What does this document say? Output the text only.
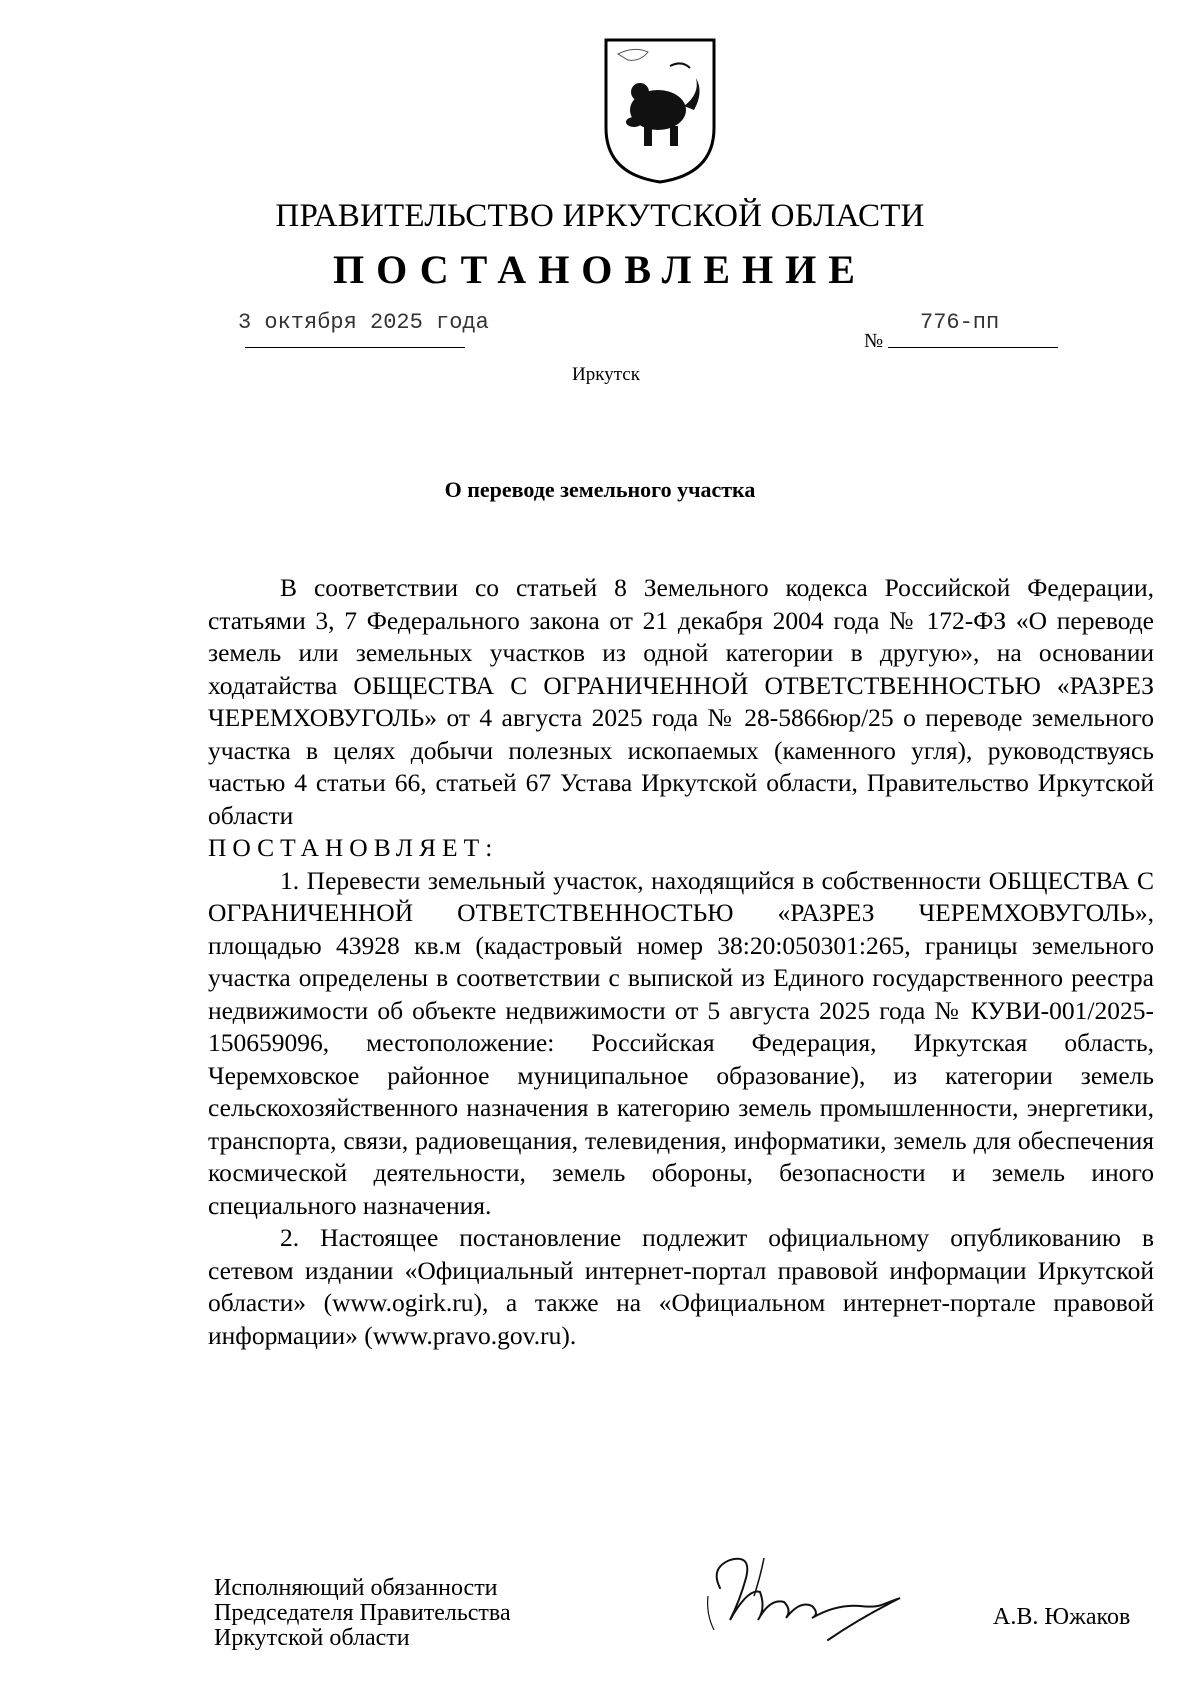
ПРАВИТЕЛЬСТВО ИРКУТСКОЙ ОБЛАСТИ
ПОСТАНОВЛЕНИЕ
3 октября 2025 года
№
776-пп
Иркутск
О переводе земельного участка

В соответствии со статьей 8 Земельного кодекса Российской Федерации, статьями 3, 7 Федерального закона от 21 декабря 2004 года № 172-ФЗ «О переводе земель или земельных участков из одной категории в другую», на основании ходатайства ОБЩЕСТВА С ОГРАНИЧЕННОЙ ОТВЕТСТВЕННОСТЬЮ «РАЗРЕЗ ЧЕРЕМХОВУГОЛЬ» от 4 августа 2025 года № 28-5866юр/25 о переводе земельного участка в целях добычи полезных ископаемых (каменного угля), руководствуясь частью 4 статьи 66, статьей 67 Устава Иркутской области, Правительство Иркутской области

ПОСТАНОВЛЯЕТ:

1. Перевести земельный участок, находящийся в собственности ОБЩЕСТВА С ОГРАНИЧЕННОЙ ОТВЕТСТВЕННОСТЬЮ «РАЗРЕЗ ЧЕРЕМХОВУГОЛЬ», площадью 43928 кв.м (кадастровый номер 38:20:050301:265, границы земельного участка определены в соответствии с выпиской из Единого государственного реестра недвижимости об объекте недвижимости от 5 августа 2025 года № КУВИ-001/2025-150659096, местоположение: Российская Федерация, Иркутская область, Черемховское районное муниципальное образование), из категории земель сельскохозяйственного назначения в категорию земель промышленности, энергетики, транспорта, связи, радиовещания, телевидения, информатики, земель для обеспечения космической деятельности, земель обороны, безопасности и земель иного специального назначения.

2. Настоящее постановление подлежит официальному опубликованию в сетевом издании «Официальный интернет-портал правовой информации Иркутской области» (www.ogirk.ru), а также на «Официальном интернет-портале правовой информации» (www.pravo.gov.ru).

Исполняющий обязанности
Председателя Правительства
Иркутской области
А.В. Южаков
